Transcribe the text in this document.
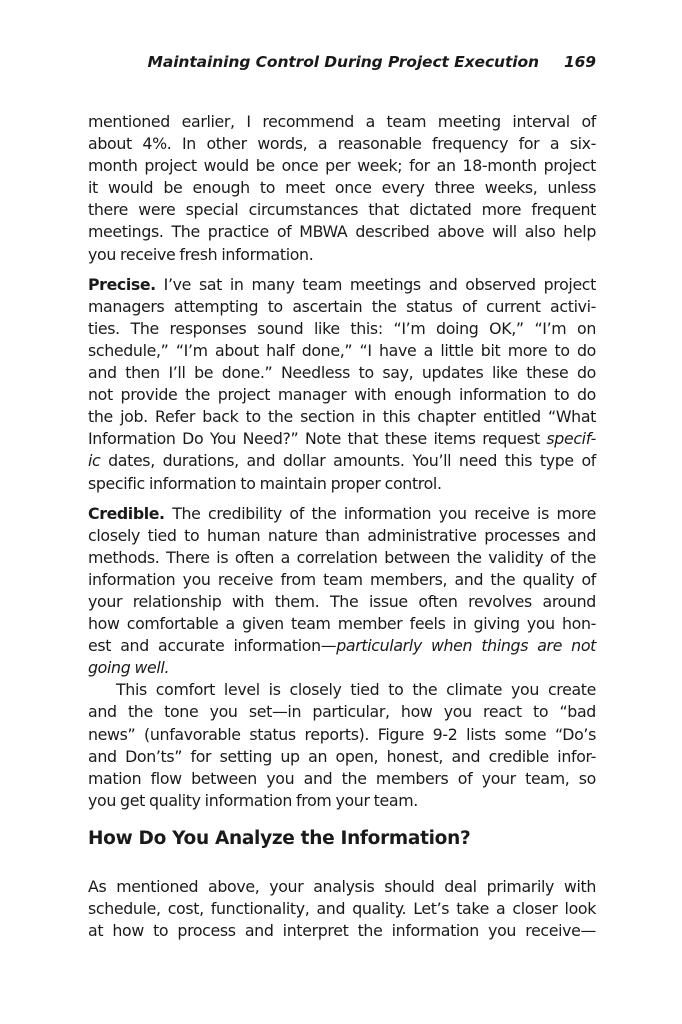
Maintaining Control During Project Execution 169

mentioned earlier, I recommend a team meeting interval of
about 4%. In other words, a reasonable frequency for a six-
month project would be once per week; for an 18-month project
it would be enough to meet once every three weeks, unless
there were special circumstances that dictated more frequent
meetings. The practice of MBWA described above will also help
you receive fresh information.

Precise. I’ve sat in many team meetings and observed project
managers attempting to ascertain the status of current activi-
ties. The responses sound like this: “I’m doing OK,” “I’m on
schedule,” “I’m about half done,” “I have a little bit more to do
and then I’ll be done.” Needless to say, updates like these do
not provide the project manager with enough information to do
the job. Refer back to the section in this chapter entitled “What
Information Do You Need?” Note that these items request specif-
ic dates, durations, and dollar amounts. You’ll need this type of
specific information to maintain proper control.

Credible. The credibility of the information you receive is more
closely tied to human nature than administrative processes and
methods. There is often a correlation between the validity of the
information you receive from team members, and the quality of
your relationship with them. The issue often revolves around
how comfortable a given team member feels in giving you hon-
est and accurate information—particularly when things are not
going well.

This comfort level is closely tied to the climate you create
and the tone you set—in particular, how you react to “bad
news” (unfavorable status reports). Figure 9-2 lists some “Do’s
and Don’ts” for setting up an open, honest, and credible infor-
mation flow between you and the members of your team, so
you get quality information from your team.

How Do You Analyze the Information?

As mentioned above, your analysis should deal primarily with
schedule, cost, functionality, and quality. Let’s take a closer look
at how to process and interpret the information you receive—
